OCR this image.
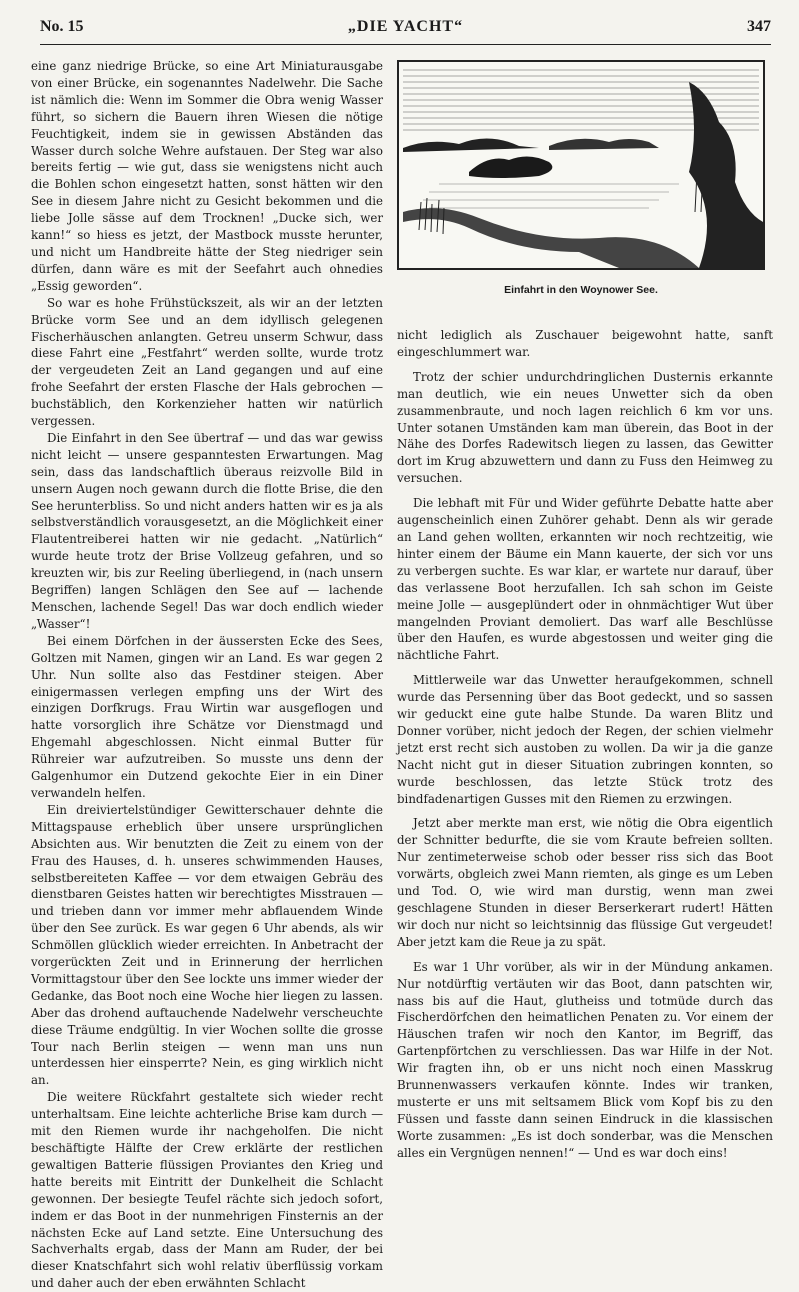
No. 15	„DIE YACHT“	347

eine ganz niedrige Brücke, so eine Art Miniaturausgabe von einer Brücke, ein sogenanntes Nadelwehr. Die Sache ist nämlich die: Wenn im Sommer die Obra wenig Wasser führt, so sichern die Bauern ihren Wiesen die nötige Feuchtigkeit, indem sie in gewissen Abständen das Wasser durch solche Wehre aufstauen. Der Steg war also bereits fertig — wie gut, dass sie wenigstens nicht auch die Bohlen schon eingesetzt hatten, sonst hätten wir den See in diesem Jahre nicht zu Gesicht bekommen und die liebe Jolle sässe auf dem Trocknen! „Ducke sich, wer kann!“ so hiess es jetzt, der Mastbock musste herunter, und nicht um Handbreite hätte der Steg niedriger sein dürfen, dann wäre es mit der Seefahrt auch ohnedies „Essig geworden“.

So war es hohe Frühstückszeit, als wir an der letzten Brücke vorm See und an dem idyllisch gelegenen Fischerhäuschen anlangten. Getreu unserm Schwur, dass diese Fahrt eine „Festfahrt“ werden sollte, wurde trotz der vergeudeten Zeit an Land gegangen und auf eine frohe Seefahrt der ersten Flasche der Hals gebrochen — buchstäblich, den Korkenzieher hatten wir natürlich vergessen.

Die Einfahrt in den See übertraf — und das war gewiss nicht leicht — unsere gespanntesten Erwartungen. Mag sein, dass das landschaftlich überaus reizvolle Bild in unsern Augen noch gewann durch die flotte Brise, die den See herunterbliss. So und nicht anders hatten wir es ja als selbstverständlich vorausgesetzt, an die Möglichkeit einer Flautentreiberei hatten wir nie gedacht. „Natürlich“ wurde heute trotz der Brise Vollzeug gefahren, und so kreuzten wir, bis zur Reeling überliegend, in (nach unsern Begriffen) langen Schlägen den See auf — lachende Menschen, lachende Segel! Das war doch endlich wieder „Wasser“!

Bei einem Dörfchen in der äussersten Ecke des Sees, Goltzen mit Namen, gingen wir an Land. Es war gegen 2 Uhr. Nun sollte also das Festdiner steigen. Aber einigermassen verlegen empfing uns der Wirt des einzigen Dorfkrugs. Frau Wirtin war ausgeflogen und hatte vorsorglich ihre Schätze vor Dienstmagd und Ehgemahl abgeschlossen. Nicht einmal Butter für Rühreier war aufzutreiben. So musste uns denn der Galgenhumor ein Dutzend gekochte Eier in ein Diner verwandeln helfen.

Ein dreiviertelstündiger Gewitterschauer dehnte die Mittagspause erheblich über unsere ursprünglichen Absichten aus. Wir benutzten die Zeit zu einem von der Frau des Hauses, d. h. unseres schwimmenden Hauses, selbstbereiteten Kaffee — vor dem etwaigen Gebräu des dienstbaren Geistes hatten wir berechtigtes Misstrauen — und trieben dann vor immer mehr abflauendem Winde über den See zurück. Es war gegen 6 Uhr abends, als wir Schmöllen glücklich wieder erreichten. In Anbetracht der vorgerückten Zeit und in Erinnerung der herrlichen Vormittagstour über den See lockte uns immer wieder der Gedanke, das Boot noch eine Woche hier liegen zu lassen. Aber das drohend auftauchende Nadelwehr verscheuchte diese Träume endgültig. In vier Wochen sollte die grosse Tour nach Berlin steigen — wenn man uns nun unterdessen hier einsperrte? Nein, es ging wirklich nicht an.

Die weitere Rückfahrt gestaltete sich wieder recht unterhaltsam. Eine leichte achterliche Brise kam durch — mit den Riemen wurde ihr nachgeholfen. Die nicht beschäftigte Hälfte der Crew erklärte der restlichen gewaltigen Batterie flüssigen Proviantes den Krieg und hatte bereits mit Eintritt der Dunkelheit die Schlacht gewonnen. Der besiegte Teufel rächte sich jedoch sofort, indem er das Boot in der nunmehrigen Finsternis an der nächsten Ecke auf Land setzte. Eine Untersuchung des Sachverhalts ergab, dass der Mann am Ruder, der bei dieser Knatschfahrt sich wohl relativ überflüssig vorkam und daher auch der eben erwähnten Schlacht

Einfahrt in den Woynower See.

nicht lediglich als Zuschauer beigewohnt hatte, sanft eingeschlummert war.

Trotz der schier undurchdringlichen Dusternis erkannte man deutlich, wie ein neues Unwetter sich da oben zusammenbraute, und noch lagen reichlich 6 km vor uns. Unter sotanen Umständen kam man überein, das Boot in der Nähe des Dorfes Radewitsch liegen zu lassen, das Gewitter dort im Krug abzuwettern und dann zu Fuss den Heimweg zu versuchen.

Die lebhaft mit Für und Wider geführte Debatte hatte aber augenscheinlich einen Zuhörer gehabt. Denn als wir gerade an Land gehen wollten, erkannten wir noch rechtzeitig, wie hinter einem der Bäume ein Mann kauerte, der sich vor uns zu verbergen suchte. Es war klar, er wartete nur darauf, über das verlassene Boot herzufallen. Ich sah schon im Geiste meine Jolle — ausgeplündert oder in ohnmächtiger Wut über mangelnden Proviant demoliert. Das warf alle Beschlüsse über den Haufen, es wurde abgestossen und weiter ging die nächtliche Fahrt.

Mittlerweile war das Unwetter heraufgekommen, schnell wurde das Persenning über das Boot gedeckt, und so sassen wir geduckt eine gute halbe Stunde. Da waren Blitz und Donner vorüber, nicht jedoch der Regen, der schien vielmehr jetzt erst recht sich austoben zu wollen. Da wir ja die ganze Nacht nicht gut in dieser Situation zubringen konnten, so wurde beschlossen, das letzte Stück trotz des bindfadenartigen Gusses mit den Riemen zu erzwingen.

Jetzt aber merkte man erst, wie nötig die Obra eigentlich der Schnitter bedurfte, die sie vom Kraute befreien sollten. Nur zentimeterweise schob oder besser riss sich das Boot vorwärts, obgleich zwei Mann riemten, als ginge es um Leben und Tod. O, wie wird man durstig, wenn man zwei geschlagene Stunden in dieser Berserkerart rudert! Hätten wir doch nur nicht so leichtsinnig das flüssige Gut vergeudet! Aber jetzt kam die Reue ja zu spät.

Es war 1 Uhr vorüber, als wir in der Mündung ankamen. Nur notdürftig vertäuten wir das Boot, dann patschten wir, nass bis auf die Haut, glutheiss und totmüde durch das Fischerdörfchen den heimatlichen Penaten zu. Vor einem der Häuschen trafen wir noch den Kantor, im Begriff, das Gartenpförtchen zu verschliessen. Das war Hilfe in der Not. Wir fragten ihn, ob er uns nicht noch einen Masskrug Brunnenwassers verkaufen könnte. Indes wir tranken, musterte er uns mit seltsamem Blick vom Kopf bis zu den Füssen und fasste dann seinen Eindruck in die klassischen Worte zusammen: „Es ist doch sonderbar, was die Menschen alles ein Vergnügen nennen!“ — Und es war doch eins!
